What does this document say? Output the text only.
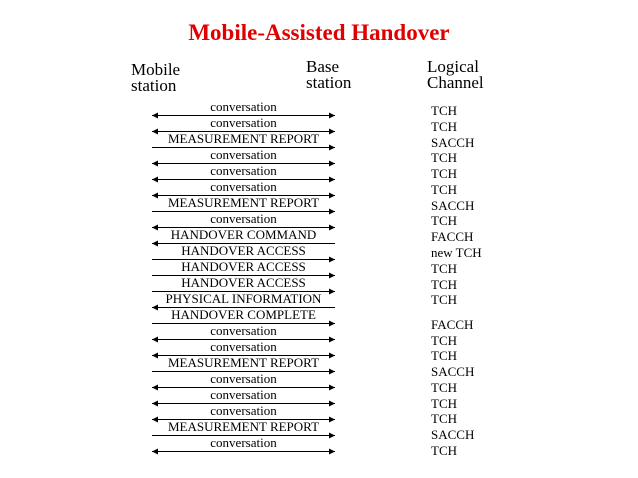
Mobile-Assisted Handover
Mobile
station
Base
station
Logical
Channel
conversation
conversation
MEASUREMENT REPORT
conversation
conversation
conversation
MEASUREMENT REPORT
conversation
HANDOVER COMMAND
HANDOVER ACCESS
HANDOVER ACCESS
HANDOVER ACCESS
PHYSICAL INFORMATION
HANDOVER COMPLETE
conversation
conversation
MEASUREMENT REPORT
conversation
conversation
conversation
MEASUREMENT REPORT
conversation
TCH
TCH
SACCH
TCH
TCH
TCH
SACCH
TCH
FACCH
new TCH
TCH
TCH
TCH
FACCH
TCH
TCH
SACCH
TCH
TCH
TCH
SACCH
TCH
